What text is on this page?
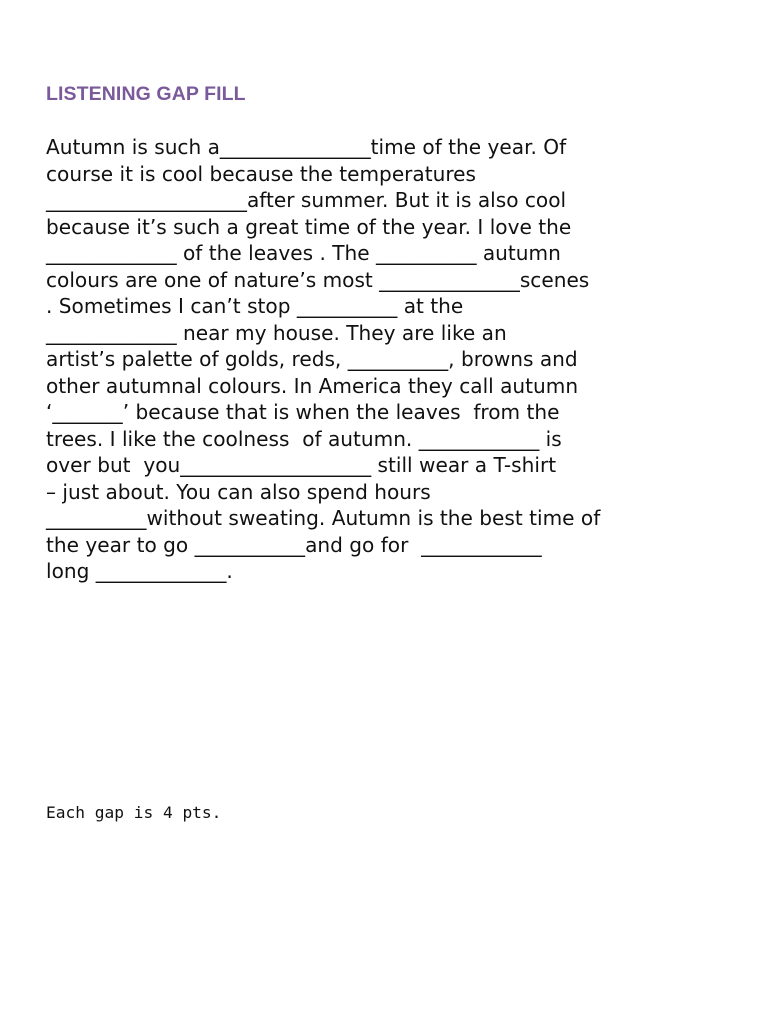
LISTENING GAP FILL
Autumn is such a_______________time of the year. Of
course it is cool because the temperatures
____________________after summer. But it is also cool
because it’s such a great time of the year. I love the
_____________ of the leaves . The __________ autumn
colours are one of nature’s most ______________scenes
. Sometimes I can’t stop __________ at the
_____________ near my house. They are like an
artist’s palette of golds, reds, __________, browns and
other autumnal colours. In America they call autumn
‘_______’ because that is when the leaves  from the
trees. I like the coolness  of autumn. ____________ is
over but  you___________________ still wear a T-shirt
– just about. You can also spend hours
__________without sweating. Autumn is the best time of
the year to go ___________and go for  ____________
long _____________.
Each gap is 4 pts.
